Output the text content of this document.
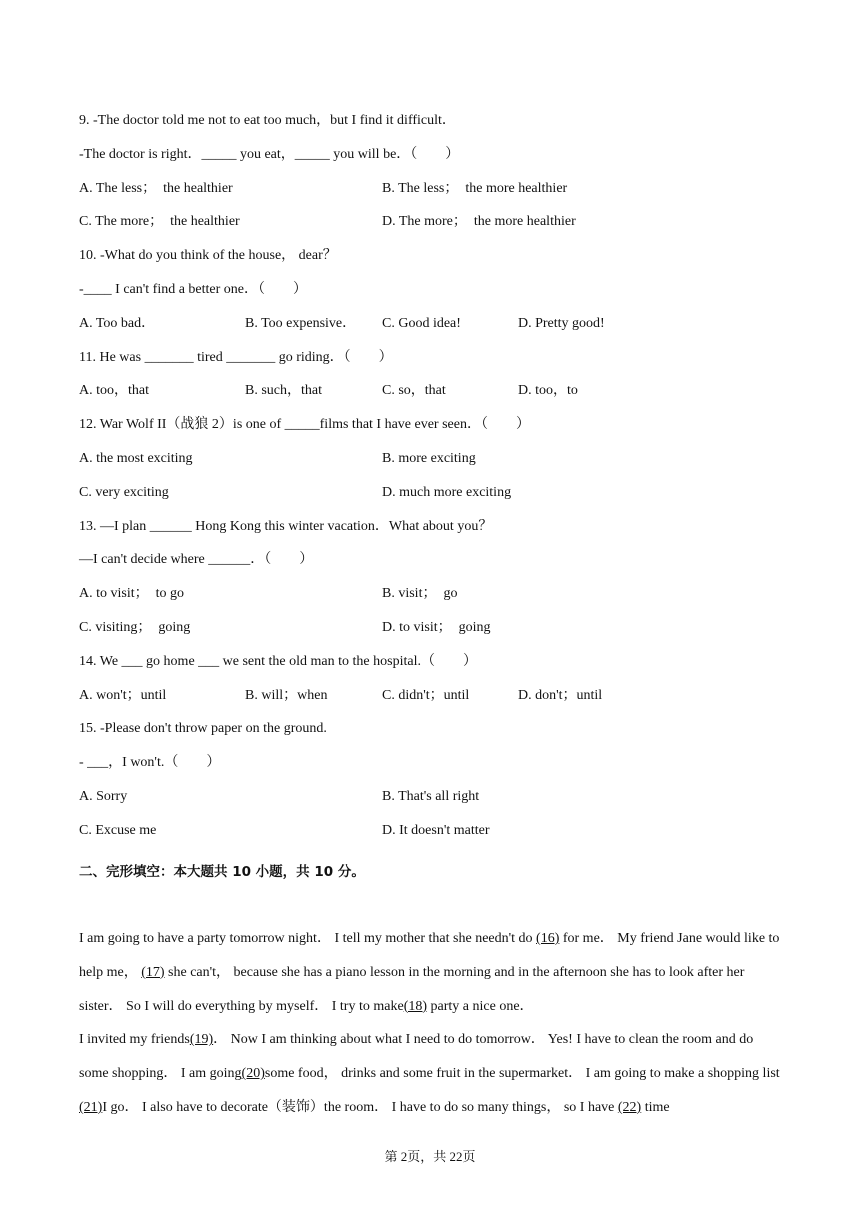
9. -The doctor told me not to eat too much，but I find it difficult．
-The doctor is right．_____ you eat，_____ you will be．（　　）
A. The less；  the healthier	B. The less；  the more healthier
C. The more；  the healthier	D. The more；  the more healthier
10. -What do you think of the house， dear？
-____ I can't find a better one．（　　）
A. Too bad．	B. Too expensive． C. Good idea!	D. Pretty good!
11. He was _______ tired _______ go riding．（　　）
A. too，that	B. such，that	C. so，that	D. too，to
12. War Wolf II（战狼 2）is one of _____films that I have ever seen．（　　）
A. the most exciting	B. more exciting
C. very exciting	D. much more exciting
13. —I plan ______ Hong Kong this winter vacation．What about you？
—I can't decide where ______．（　　）
A. to visit；  to go	B. visit；  go
C. visiting；  going	D. to visit；  going
14. We ___ go home ___ we sent the old man to the hospital.（　　）
A. won't；until	B. will；when	C. didn't；until	D. don't；until
15. -Please don't throw paper on the ground.
- ___，I won't.（　　）
A. Sorry	B. That's all right
C. Excuse me	D. It doesn't matter
二、完形填空：本大题共 10 小题，共 10 分。
I am going to have a party tomorrow night． I tell my mother that she needn't do (16) for me． My friend Jane would like to help me， (17) she can't， because she has a piano lesson in the morning and in the afternoon she has to look after her sister． So I will do everything by myself． I try to make(18) party a nice one．
I invited my friends(19)． Now I am thinking about what I need to do tomorrow． Yes! I have to clean the room and do some shopping． I am going(20)some food， drinks and some fruit in the supermarket． I am going to make a shopping list (21)I go． I also have to decorate（装饰）the room． I have to do so many things， so I have (22) time
第 2页，共 22页
